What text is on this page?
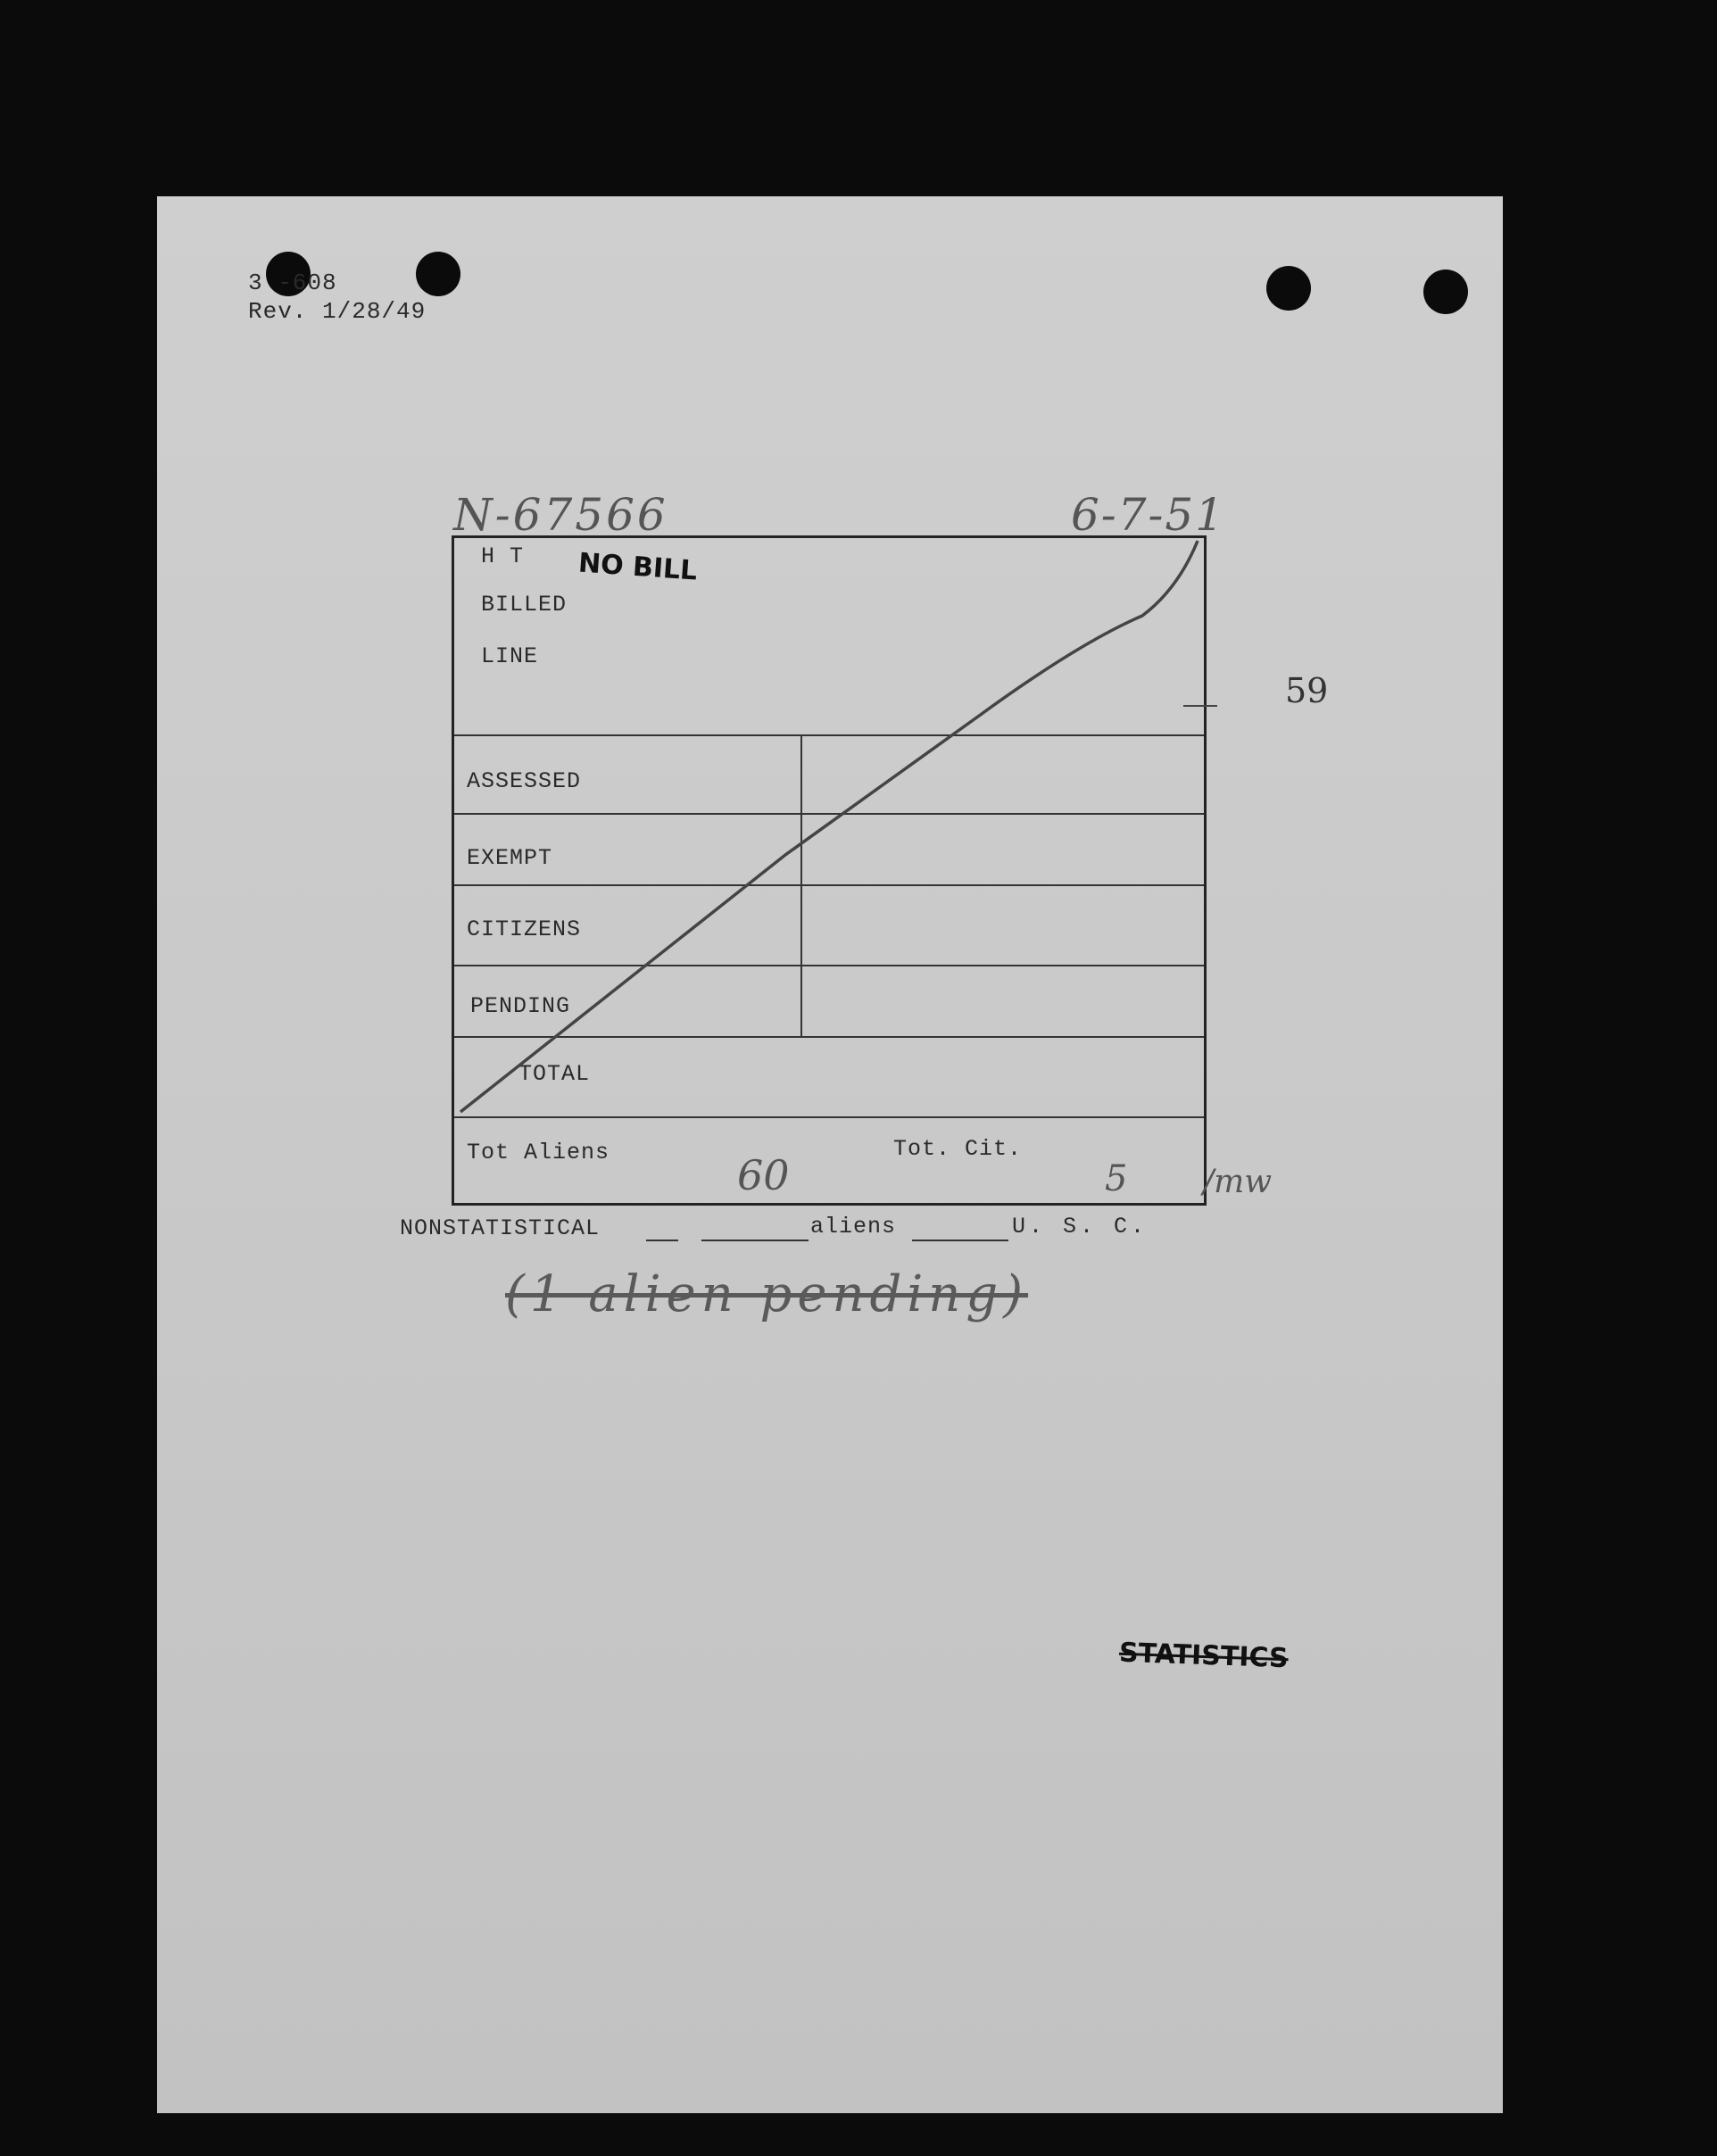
3 -608
Rev. 1/28/49
N-67566	6-7-51
59
H T
BILLED
LINE
ASSESSED
EXEMPT
CITIZENS
PENDING
TOTAL
Tot Aliens	Tot. Cit.
NO BILL
60	5 /mw
NONSTATISTICAL	aliens	U. S. C.
(1 alien pending)
STATISTICS
